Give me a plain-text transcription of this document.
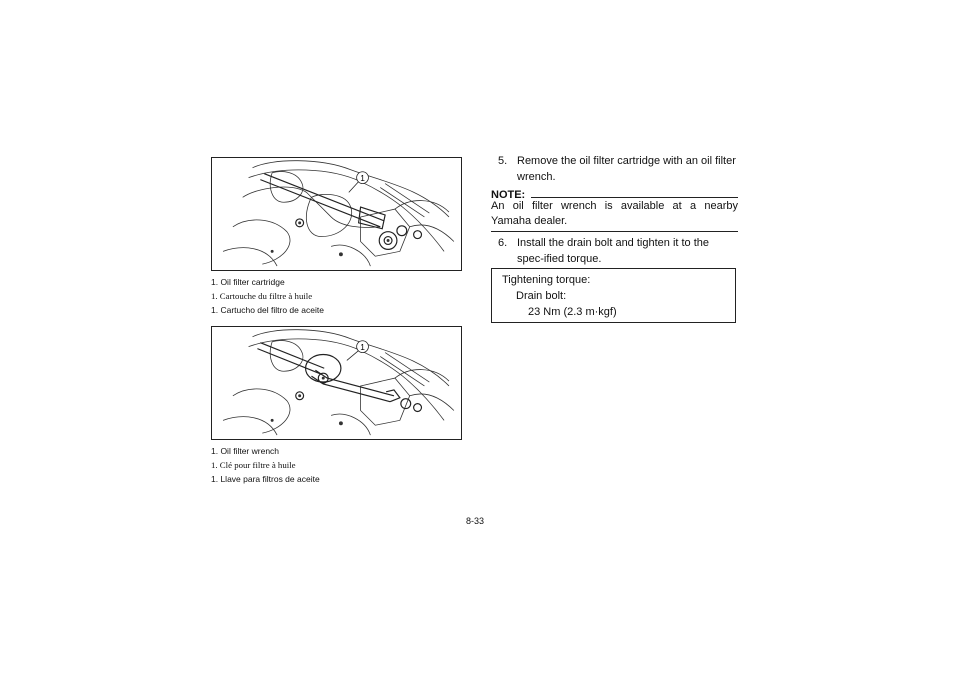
1
1. Oil filter cartridge
1. Cartouche du filtre à huile
1. Cartucho del filtro de aceite
1
1. Oil filter wrench
1. Clé pour filtre à huile
1. Llave para filtros de aceite
5. Remove the oil filter cartridge with an oil filter wrench.
NOTE:
An oil filter wrench is available at a nearby Yamaha dealer.
6. Install the drain bolt and tighten it to the spec-ified torque.
Tightening torque:
Drain bolt:
23 Nm (2.3 m·kgf)
8-33
